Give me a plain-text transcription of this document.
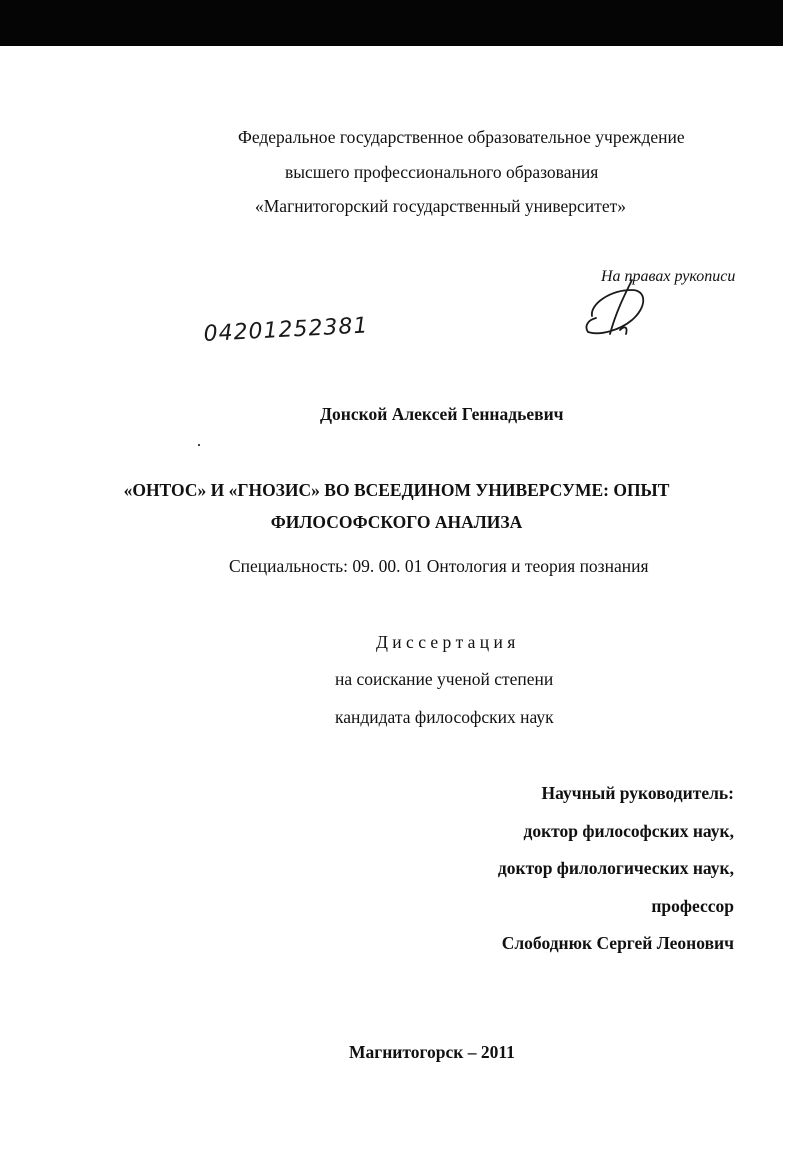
Федеральное государственное образовательное учреждение
высшего профессионального образования
«Магнитогорский государственный университет»
На правах рукописи
04201252381
Донской Алексей Геннадьевич
«ОНТОС» И «ГНОЗИС» ВО ВСЕЕДИНОМ УНИВЕРСУМЕ: ОПЫТ
ФИЛОСОФСКОГО АНАЛИЗА
Специальность: 09. 00. 01 Онтология и теория познания
Д и с с е р т а ц и я
на соискание ученой степени
кандидата философских наук
Научный руководитель:
доктор философских наук,
доктор филологических наук,
профессор
Слободнюк Сергей Леонович
Магнитогорск – 2011
